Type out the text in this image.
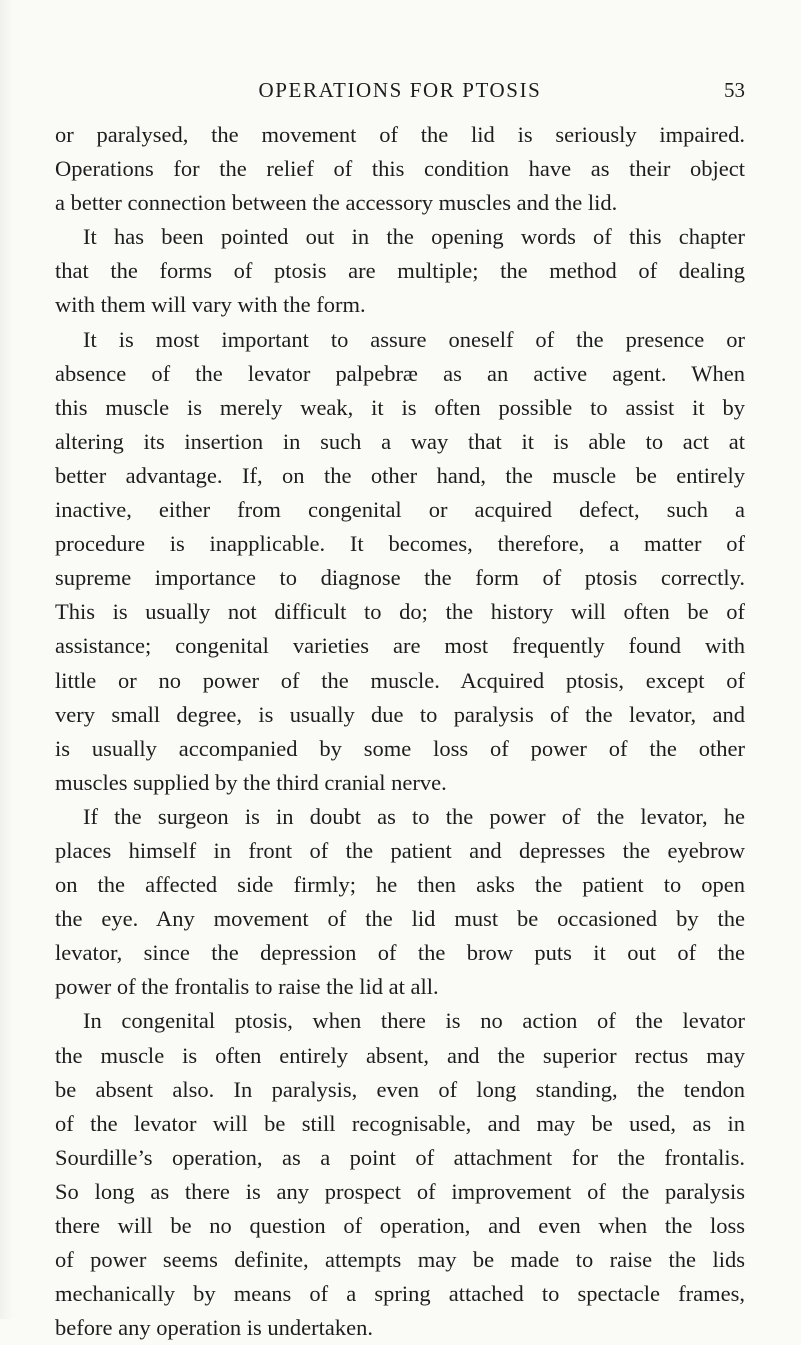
OPERATIONS FOR PTOSIS	53
or paralysed, the movement of the lid is seriously impaired.
Operations for the relief of this condition have as their object
a better connection between the accessory muscles and the lid.
It has been pointed out in the opening words of this chapter
that the forms of ptosis are multiple; the method of dealing
with them will vary with the form.
It is most important to assure oneself of the presence or
absence of the levator palpebræ as an active agent. When
this muscle is merely weak, it is often possible to assist it by
altering its insertion in such a way that it is able to act at
better advantage. If, on the other hand, the muscle be entirely
inactive, either from congenital or acquired defect, such a
procedure is inapplicable. It becomes, therefore, a matter of
supreme importance to diagnose the form of ptosis correctly.
This is usually not difficult to do; the history will often be of
assistance; congenital varieties are most frequently found with
little or no power of the muscle. Acquired ptosis, except of
very small degree, is usually due to paralysis of the levator, and
is usually accompanied by some loss of power of the other
muscles supplied by the third cranial nerve.
If the surgeon is in doubt as to the power of the levator, he
places himself in front of the patient and depresses the eyebrow
on the affected side firmly; he then asks the patient to open
the eye. Any movement of the lid must be occasioned by the
levator, since the depression of the brow puts it out of the
power of the frontalis to raise the lid at all.
In congenital ptosis, when there is no action of the levator
the muscle is often entirely absent, and the superior rectus may
be absent also. In paralysis, even of long standing, the tendon
of the levator will be still recognisable, and may be used, as in
Sourdille’s operation, as a point of attachment for the frontalis.
So long as there is any prospect of improvement of the paralysis
there will be no question of operation, and even when the loss
of power seems definite, attempts may be made to raise the lids
mechanically by means of a spring attached to spectacle frames,
before any operation is undertaken.
